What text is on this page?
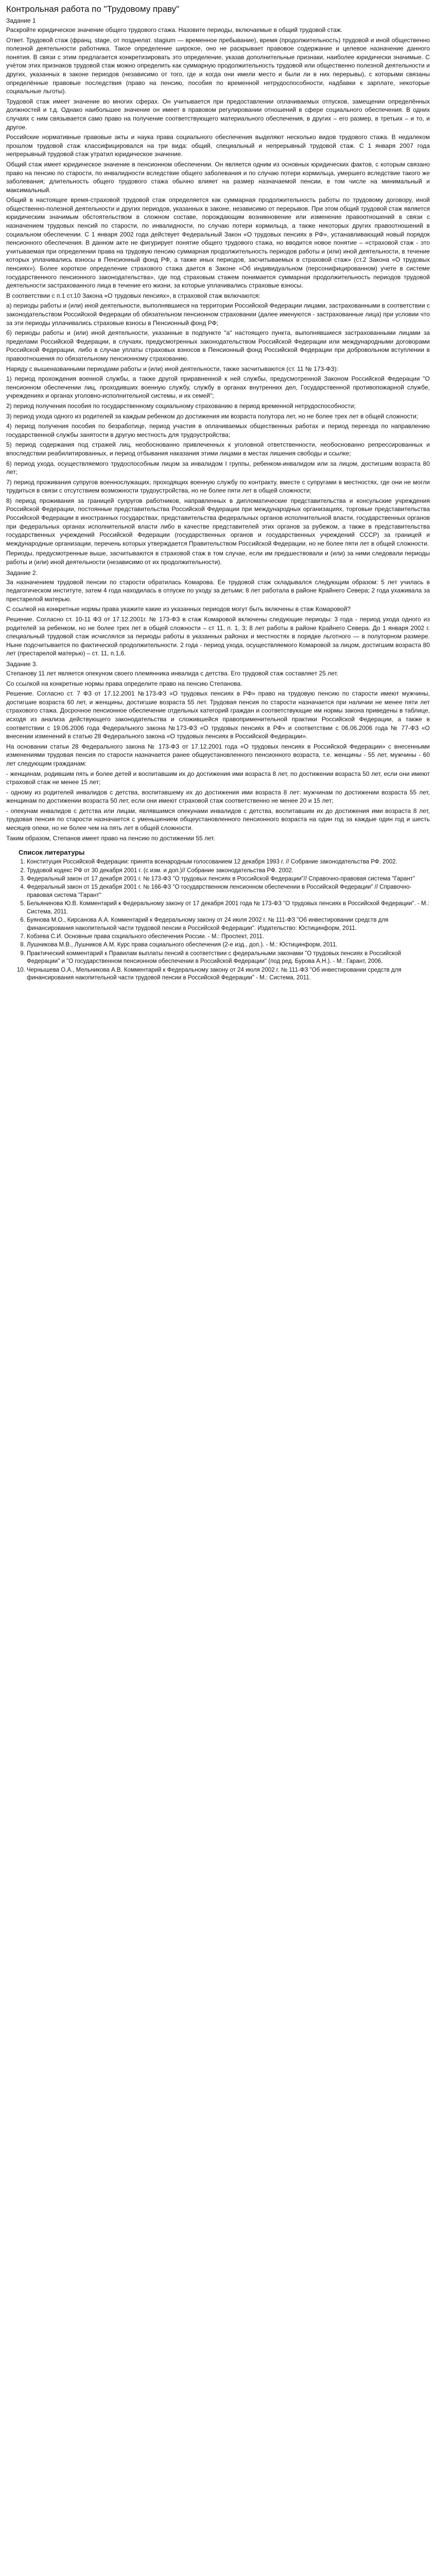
Контрольная работа по "Трудовому праву"
Задание 1

Раскройте юридическое значение общего трудового стажа. Назовите периоды, включаемые в общий трудовой стаж.

Ответ. Трудовой стаж (франц. stage, от позднелат. stagium — временное пребывание), время (продолжительность) трудовой и иной общественно полезной деятельности работника. Такое определение широкое, оно не раскрывает правовое содержание и целевое назначение данного понятия. В связи с этим предлагается конкретизировать это определение, указав дополнительные признаки, наиболее юридически значимые. С учётом этих признаков трудовой стаж можно определить как суммарную продолжительность трудовой или общественно полезной деятельности и других, указанных в законе периодов (независимо от того, где и когда они имели место и были ли в них перерывы), с которыми связаны определённые правовые последствия (право на пенсию, пособия по временной нетрудоспособности, надбавки к зарплате, некоторые социальные льготы).

Трудовой стаж имеет значение во многих сферах. Он учитывается при предоставлении оплачиваемых отпусков, замещении определённых должностей и т.д. Однако наибольшее значение он имеет в правовом регулировании отношений в сфере социального обеспечения. В одних случаях с ним связывается само право на получение соответствующего материального обеспечения, в других – его размер, в третьих – и то, и другое.

Российские нормативные правовые акты и наука права социального обеспечения выделяют несколько видов трудового стажа. В недалеком прошлом трудовой стаж классифицировался на три вида: общий, специальный и непрерывный трудовой стаж. С 1 января 2007 года непрерывный трудовой стаж утратил юридическое значение.

Общий стаж имеет юридическое значение в пенсионном обеспечении. Он является одним из основных юридических фактов, с которым связано право на пенсию по старости, по инвалидности вследствие общего заболевания и по случаю потери кормильца, умершего вследствие такого же заболевания; длительность общего трудового стажа обычно влияет на размер назначаемой пенсии, в том числе на минимальный и максимальный.

Общий в настоящее время-страховой трудовой стаж определяется как суммарная продолжительность работы по трудовому договору, иной общественно-полезной деятельности и других периодов, указанных в законе, независимо от перерывов. При этом общий трудовой стаж является юридическим значимым обстоятельством в сложном составе, порождающим возникновение или изменение правоотношений в связи с назначением трудовых пенсий по старости, по инвалидности, по случаю потери кормильца, а также некоторых других правоотношений в социальном обеспечении. С 1 января 2002 года действует Федеральный Закон «О трудовых пенсиях в РФ», устанавливающий новый порядок пенсионного обеспечения. В данном акте не фигурирует понятие общего трудового стажа, но вводится новое понятие – «страховой стаж - это учитываемая при определении права на трудовую пенсию суммарная продолжительность периодов работы и (или) иной деятельности, в течение которых уплачивались взносы в Пенсионный фонд РФ, а также иных периодов, засчитываемых в страховой стаж» (ст.2 Закона «О трудовых пенсиях»). Более короткое определение страхового стажа дается в Законе «Об индивидуальном (персонифицированном) учете в системе государственного пенсионного законодательства», где под страховым стажем понимается суммарная продолжительность периодов трудовой деятельности застрахованного лица в течение его жизни, за которые уплачивались страховые взносы.

В соответствии с п.1 ст.10 Закона «О трудовых пенсиях», в страховой стаж включаются:

а) периоды работы и (или) иной деятельности, выполнявшиеся на территории Российской Федерации лицами, застрахованными в соответствии с законодательством Российской Федерации об обязательном пенсионном страховании (далее именуются - застрахованные лица) при условии что за эти периоды уплачивались страховые взносы в Пенсионный фонд РФ;

б) периоды работы и (или) иной деятельности, указанные в подпункте "а" настоящего пункта, выполнявшиеся застрахованными лицами за пределами Российской Федерации, в случаях, предусмотренных законодательством Российской Федерации или международными договорами Российской Федерации, либо в случае уплаты страховых взносов в Пенсионный фонд Российской Федерации при добровольном вступлении в правоотношения по обязательному пенсионному страхованию.

Наряду с вышеназванными периодами работы и (или) иной деятельности, также засчитываются (ст. 11 № 173-ФЗ):

1) период прохождения военной службы, а также другой приравненной к ней службы, предусмотренной Законом Российской Федерации "О пенсионном обеспечении лиц, проходивших военную службу, службу в органах внутренних дел, Государственной противопожарной службе, учреждениях и органах уголовно-исполнительной системы, и их семей";

2) период получения пособия по государственному социальному страхованию в период временной нетрудоспособности;

3) период ухода одного из родителей за каждым ребенком до достижения им возраста полутора лет, но не более трех лет в общей сложности;

4) период получения пособия по безработице, период участия в оплачиваемых общественных работах и период переезда по направлению государственной службы занятости в другую местность для трудоустройства;

5) период содержания под стражей лиц, необоснованно привлеченных к уголовной ответственности, необоснованно репрессированных и впоследствии реабилитированных, и период отбывания наказания этими лицами в местах лишения свободы и ссылке;

6) период ухода, осуществляемого трудоспособным лицом за инвалидом I группы, ребенком-инвалидом или за лицом, достигшим возраста 80 лет;

7) период проживания супругов военнослужащих, проходящих военную службу по контракту, вместе с супругами в местностях, где они не могли трудиться в связи с отсутствием возможности трудоустройства, но не более пяти лет в общей сложности;

8) период проживания за границей супругов работников, направленных в дипломатические представительства и консульские учреждения Российской Федерации, постоянные представительства Российской Федерации при международных организациях, торговые представительства Российской Федерации в иностранных государствах, представительства федеральных органов исполнительной власти, государственных органов при федеральных органах исполнительной власти либо в качестве представителей этих органов за рубежом, а также в представительства государственных учреждений Российской Федерации (государственных органов и государственных учреждений СССР) за границей и международные организации, перечень которых утверждается Правительством Российской Федерации, но не более пяти лет в общей сложности.

Периоды, предусмотренные выше, засчитываются в страховой стаж в том случае, если им предшествовали и (или) за ними следовали периоды работы и (или) иной деятельности (независимо от их продолжительности).

Задание 2.

За назначением трудовой пенсии по старости обратилась Комарова. Ее трудовой стаж складывался следующим образом: 5 лет училась в педагогическом институте, затем 4 года находилась в отпуске по уходу за детьми; 8 лет работала в районе Крайнего Севера; 2 года ухаживала за престарелой матерью.

С ссылкой на конкретные нормы права укажите какие из указанных периодов могут быть включены в стаж Комаровой?

Решение. Согласно ст. 10-11 ФЗ от 17.12.2001г. № 173-ФЗ в стаж Комаровой включены следующие периоды: 3 года - период ухода одного из родителей за ребенком, но не более трех лет в общей сложности – ст 11, п. 1, 3; 8 лет работы в районе Крайнего Севера. До 1 января 2002 г. специальный трудовой стаж исчислялся за периоды работы в указанных районах и местностях в порядке льготного — в полуторном размере. Ныне подсчитывается по фактической продолжительности. 2 года - период ухода, осуществляемого Комаровой за лицом, достигшим возраста 80 лет (престарелой матерью) – ст. 11, п.1,6.

Задание 3.

Степанову 11 лет является опекуном своего племянника инвалида с детства. Его трудовой стаж составляет 25 лет.

Со ссылкой на конкретные нормы права определите право на пенсию Степанова.

Решение. Согласно ст. 7 ФЗ от 17.12.2001 №173-ФЗ «О трудовых пенсиях в РФ» право на трудовую пенсию по старости имеют мужчины, достигшие возраста 60 лет, и женщины, достигшие возраста 55 лет. Трудовая пенсия по старости назначается при наличии не менее пяти лет страхового стажа. Досрочное пенсионное обеспечение отдельных категорий граждан и соответствующие им нормы закона приведены в таблице, исходя из анализа действующего законодательства и сложившейся правоприменительной практики Российской Федерации, а также в соответствии с 19.06.2006 года Федерального закона №173-ФЗ «О трудовых пенсиях в РФ» и соответствии с 06.06.2006 года № 77-ФЗ «О внесении изменений в статью 28 Федерального закона «О трудовых пенсиях в Российской Федерации».

На основании статьи 28 Федерального закона № 173-ФЗ от 17.12.2001 года «О трудовых пенсиях в Российской Федерации» с внесенными изменениями трудовая пенсия по старости назначается ранее общеустановленного пенсионного возраста, т.е. женщины - 55 лет, мужчины - 60 лет следующим гражданам:

- женщинам, родившим пять и более детей и воспитавшим их до достижения ими возраста 8 лет, по достижении возраста 50 лет, если они имеют страховой стаж не менее 15 лет;

- одному из родителей инвалидов с детства, воспитавшему их до достижения ими возраста 8 лет: мужчинам по достижении возраста 55 лет, женщинам по достижении возраста 50 лет, если они имеют страховой стаж соответственно не менее 20 и 15 лет;

- опекунам инвалидов с детства или лицам, являвшимся опекунами инвалидов с детства, воспитавшим их до достижения ими возраста 8 лет, трудовая пенсия по старости назначается с уменьшением общеустановленного пенсионного возраста на один год за каждые один год и шесть месяцев опеки, но не более чем на пять лет в общей сложности.

Таким образом, Степанов имеет право на пенсию по достижении 55 лет.

Список литературы
1. Конституция Российской Федерации: принята всенародным голосованием 12 декабря 1993 г. // Собрание законодательства РФ. 2002.
2. Трудовой кодекс РФ от 30 декабря 2001 г. (с изм. и доп.)// Собрание законодательства РФ. 2002.
3. Федеральный закон от 17 декабря 2001 г. № 173-ФЗ "О трудовых пенсиях в Российской Федерации"// Справочно-правовая система "Гарант"
4. Федеральный закон от 15 декабря 2001 г. № 166-ФЗ "О государственном пенсионном обеспечении в Российской Федерации" // Справочно-правовая система "Гарант"
5. Бельянинова Ю.В. Комментарий к Федеральному закону от 17 декабря 2001 года № 173-ФЗ "О трудовых пенсиях в Российской Федерации". - М.: Система, 2011.
6. Буянова М.О., Кирсанова А.А. Комментарий к Федеральному закону от 24 июля 2002 г. № 111-ФЗ "Об инвестировании средств для финансирования накопительной части трудовой пенсии в Российской Федерации". Издательство: Юстицинформ, 2011.
7. Кобзева С.И. Основные права социального обеспечения России. - М.: Проспект, 2011.
8. Лушникова М.В., Лушников А.М. Курс права социального обеспечения (2-е изд., доп.). - М.: Юстицинформ, 2011.
9. Практический комментарий к Правилам выплаты пенсий в соответствии с федеральными законами "О трудовых пенсиях в Российской Федерации" и "О государственном пенсионном обеспечении в Российской Федерации" (под ред. Бурова А.Н.). - М.: Гарант, 2006.
10. Чернышева О.А., Мельникова А.В. Комментарий к Федеральному закону от 24 июля 2002 г. № 111-ФЗ "Об инвестировании средств для финансирования накопительной части трудовой пенсии в Российской Федерации" - М.: Система, 2011.
